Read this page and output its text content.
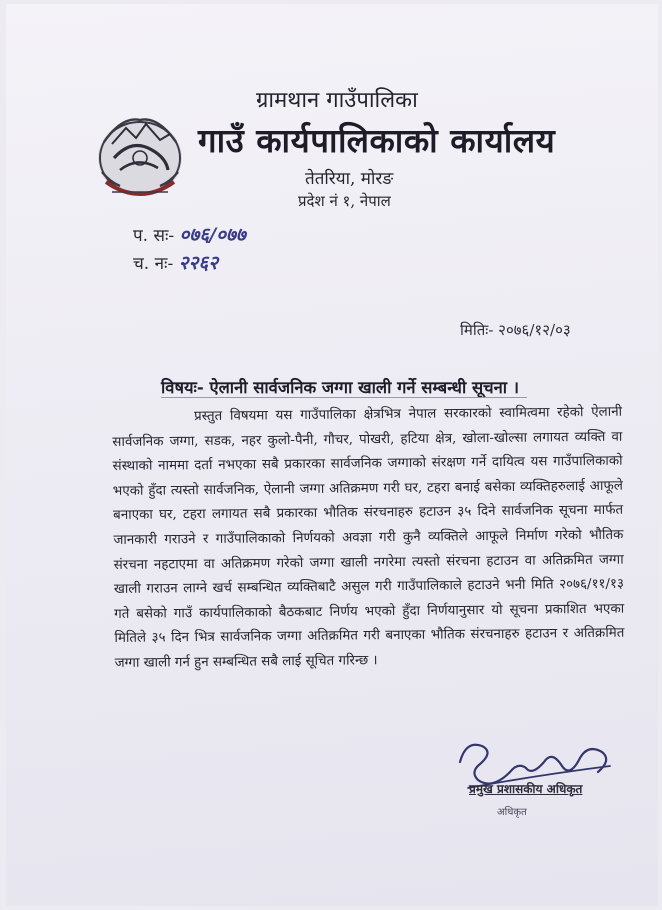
ग्रामथान गाउँपालिका
गाउँ कार्यपालिकाको कार्यालय
तेतरिया, मोरङ
प्रदेश नं १, नेपाल
प. सः- ०७६/०७७
च. नः- २२६२
मितिः- २०७६/१२/०३
विषयः- ऐलानी सार्वजनिक जग्गा खाली गर्ने सम्बन्धी सूचना ।

प्रस्तुत विषयमा यस गाउँपालिका क्षेत्रभित्र नेपाल सरकारको स्वामित्वमा रहेको ऐलानी सार्वजनिक जग्गा, सडक, नहर कुलो-पैनी, गौचर, पोखरी, हटिया क्षेत्र, खोला-खोल्सा लगायत व्यक्ति वा संस्थाको नाममा दर्ता नभएका सबै प्रकारका सार्वजनिक जग्गाको संरक्षण गर्ने दायित्व यस गाउँपालिकाको भएको हुँदा त्यस्तो सार्वजनिक, ऐलानी जग्गा अतिक्रमण गरी घर, टहरा बनाई बसेका व्यक्तिहरुलाई आफूले बनाएका घर, टहरा लगायत सबै प्रकारका भौतिक संरचनाहरु हटाउन ३५ दिने सार्वजनिक सूचना मार्फत जानकारी गराउने र गाउँपालिकाको निर्णयको अवज्ञा गरी कुनै व्यक्तिले आफूले निर्माण गरेको भौतिक संरचना नहटाएमा वा अतिक्रमण गरेको जग्गा खाली नगरेमा त्यस्तो संरचना हटाउन वा अतिक्रमित जग्गा खाली गराउन लाग्ने खर्च सम्बन्धित व्यक्तिबाटै असुल गरी गाउँपालिकाले हटाउने भनी मिति २०७६/११/१३ गते बसेको गाउँ कार्यपालिकाको बैठकबाट निर्णय भएको हुँदा निर्णयानुसार यो सूचना प्रकाशित भएका मितिले ३५ दिन भित्र सार्वजनिक जग्गा अतिक्रमित गरी बनाएका भौतिक संरचनाहरु हटाउन र अतिक्रमित जग्गा खाली गर्न हुन सम्बन्धित सबै लाई सूचित गरिन्छ ।

प्रमुख प्रशासकीय अधिकृत
अधिकृत
